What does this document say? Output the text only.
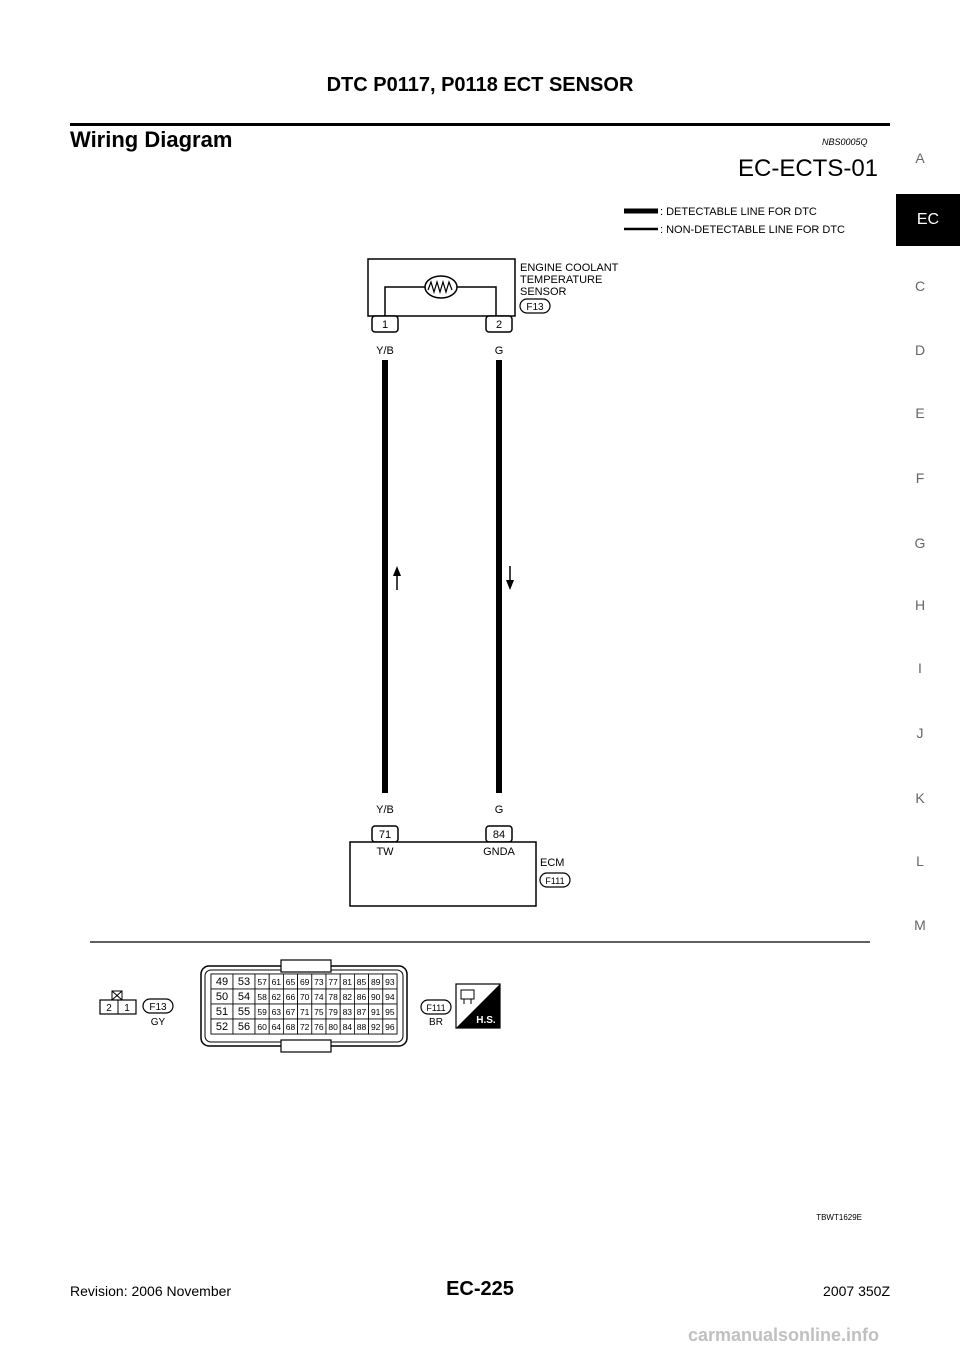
DTC P0117, P0118 ECT SENSOR
Wiring Diagram	NBS0005Q
EC-ECTS-01	A
EC
C
D
E
F
G
H
I
J
K
L
M
: DETECTABLE LINE FOR DTC
: NON-DETECTABLE LINE FOR DTC
1	2
ENGINE COOLANT
TEMPERATURE
SENSOR
F13
Y/B	G
Y/B	G
71	84
TW	GNDA
ECM
F111
2 1 F13
GY
49 53 57 61 65 69 73 77 81 85 89 93
50 54 58 62 66 70 74 78 82 86 90 94
51 55 59 63 67 71 75 79 83 87 91 95
52 56 60 64 68 72 76 80 84 88 92 96
F111
BR	H.S.
TBWT1629E
Revision: 2006 November	EC-225	2007 350Z
carmanualsonline.info
